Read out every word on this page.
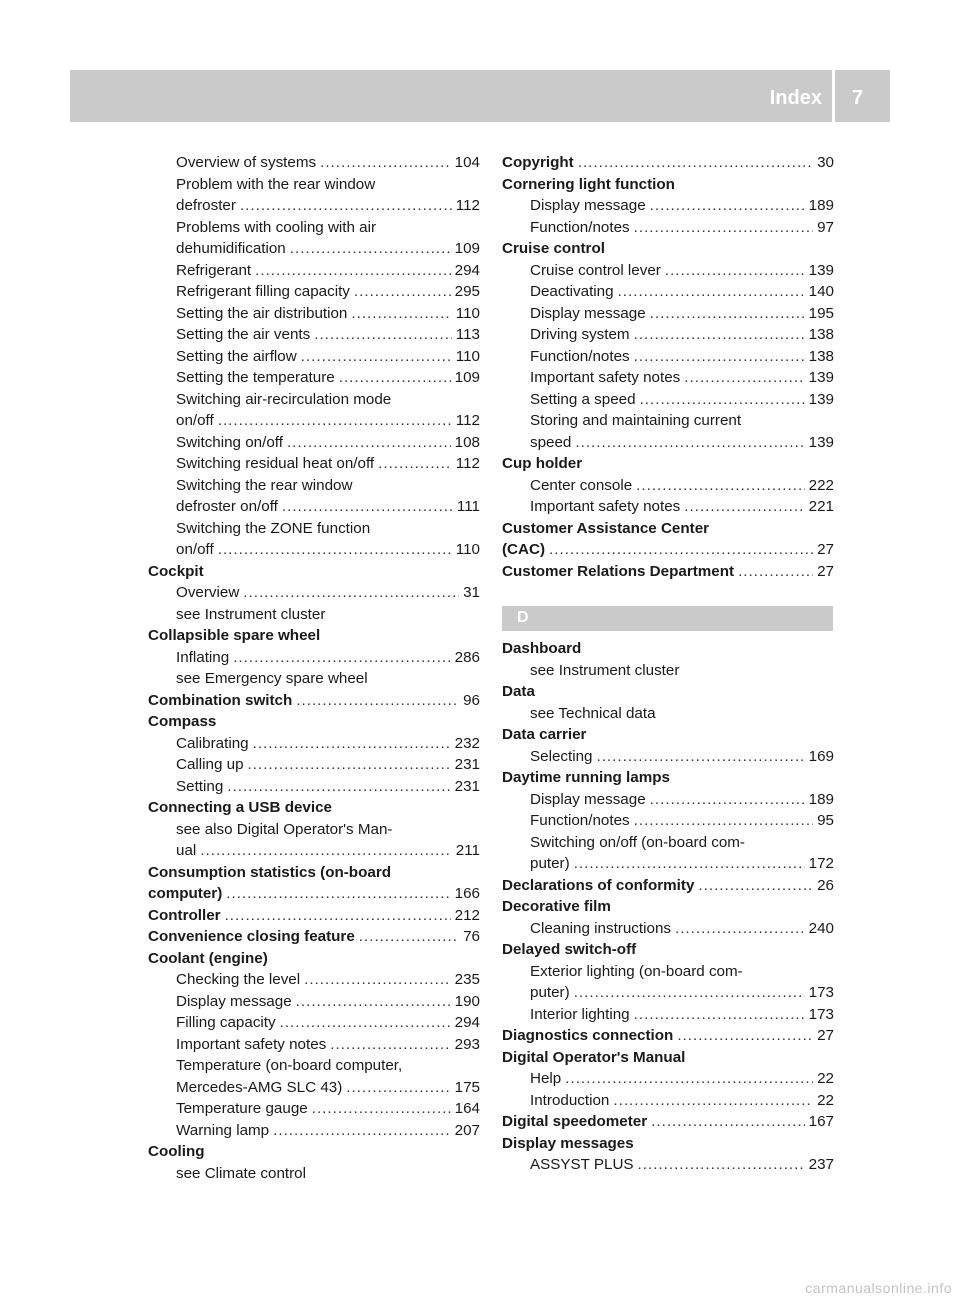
Index 7
Overview of systems .....	104
Problem with the rear window
defroster .....	112
Problems with cooling with air
dehumidification .....	109
Refrigerant .....	294
Refrigerant filling capacity .....	295
Setting the air distribution .....	110
Setting the air vents .....	113
Setting the airflow .....	110
Setting the temperature .....	109
Switching air-recirculation mode
on/off .....	112
Switching on/off .....	108
Switching residual heat on/off .....	112
Switching the rear window
defroster on/off .....	111
Switching the ZONE function
on/off .....	110
Cockpit
Overview .....	31
see Instrument cluster
Collapsible spare wheel
Inflating .....	286
see Emergency spare wheel
Combination switch .....	96
Compass
Calibrating .....	232
Calling up .....	231
Setting .....	231
Connecting a USB device
see also Digital Operator's Man-
ual .....	211
Consumption statistics (on-board
computer) .....	166
Controller .....	212
Convenience closing feature .....	76
Coolant (engine)
Checking the level .....	235
Display message .....	190
Filling capacity .....	294
Important safety notes .....	293
Temperature (on-board computer,
Mercedes-AMG SLC 43) .....	175
Temperature gauge .....	164
Warning lamp .....	207
Cooling
see Climate control
Copyright .....	30
Cornering light function
Display message .....	189
Function/notes .....	97
Cruise control
Cruise control lever .....	139
Deactivating .....	140
Display message .....	195
Driving system .....	138
Function/notes .....	138
Important safety notes .....	139
Setting a speed .....	139
Storing and maintaining current
speed .....	139
Cup holder
Center console .....	222
Important safety notes .....	221
Customer Assistance Center
(CAC) .....	27
Customer Relations Department .....	27
D
Dashboard
see Instrument cluster
Data
see Technical data
Data carrier
Selecting .....	169
Daytime running lamps
Display message .....	189
Function/notes .....	95
Switching on/off (on-board com-
puter) .....	172
Declarations of conformity .....	26
Decorative film
Cleaning instructions .....	240
Delayed switch-off
Exterior lighting (on-board com-
puter) .....	173
Interior lighting .....	173
Diagnostics connection .....	27
Digital Operator's Manual
Help .....	22
Introduction .....	22
Digital speedometer .....	167
Display messages
ASSYST PLUS .....	237
carmanualsonline.info
